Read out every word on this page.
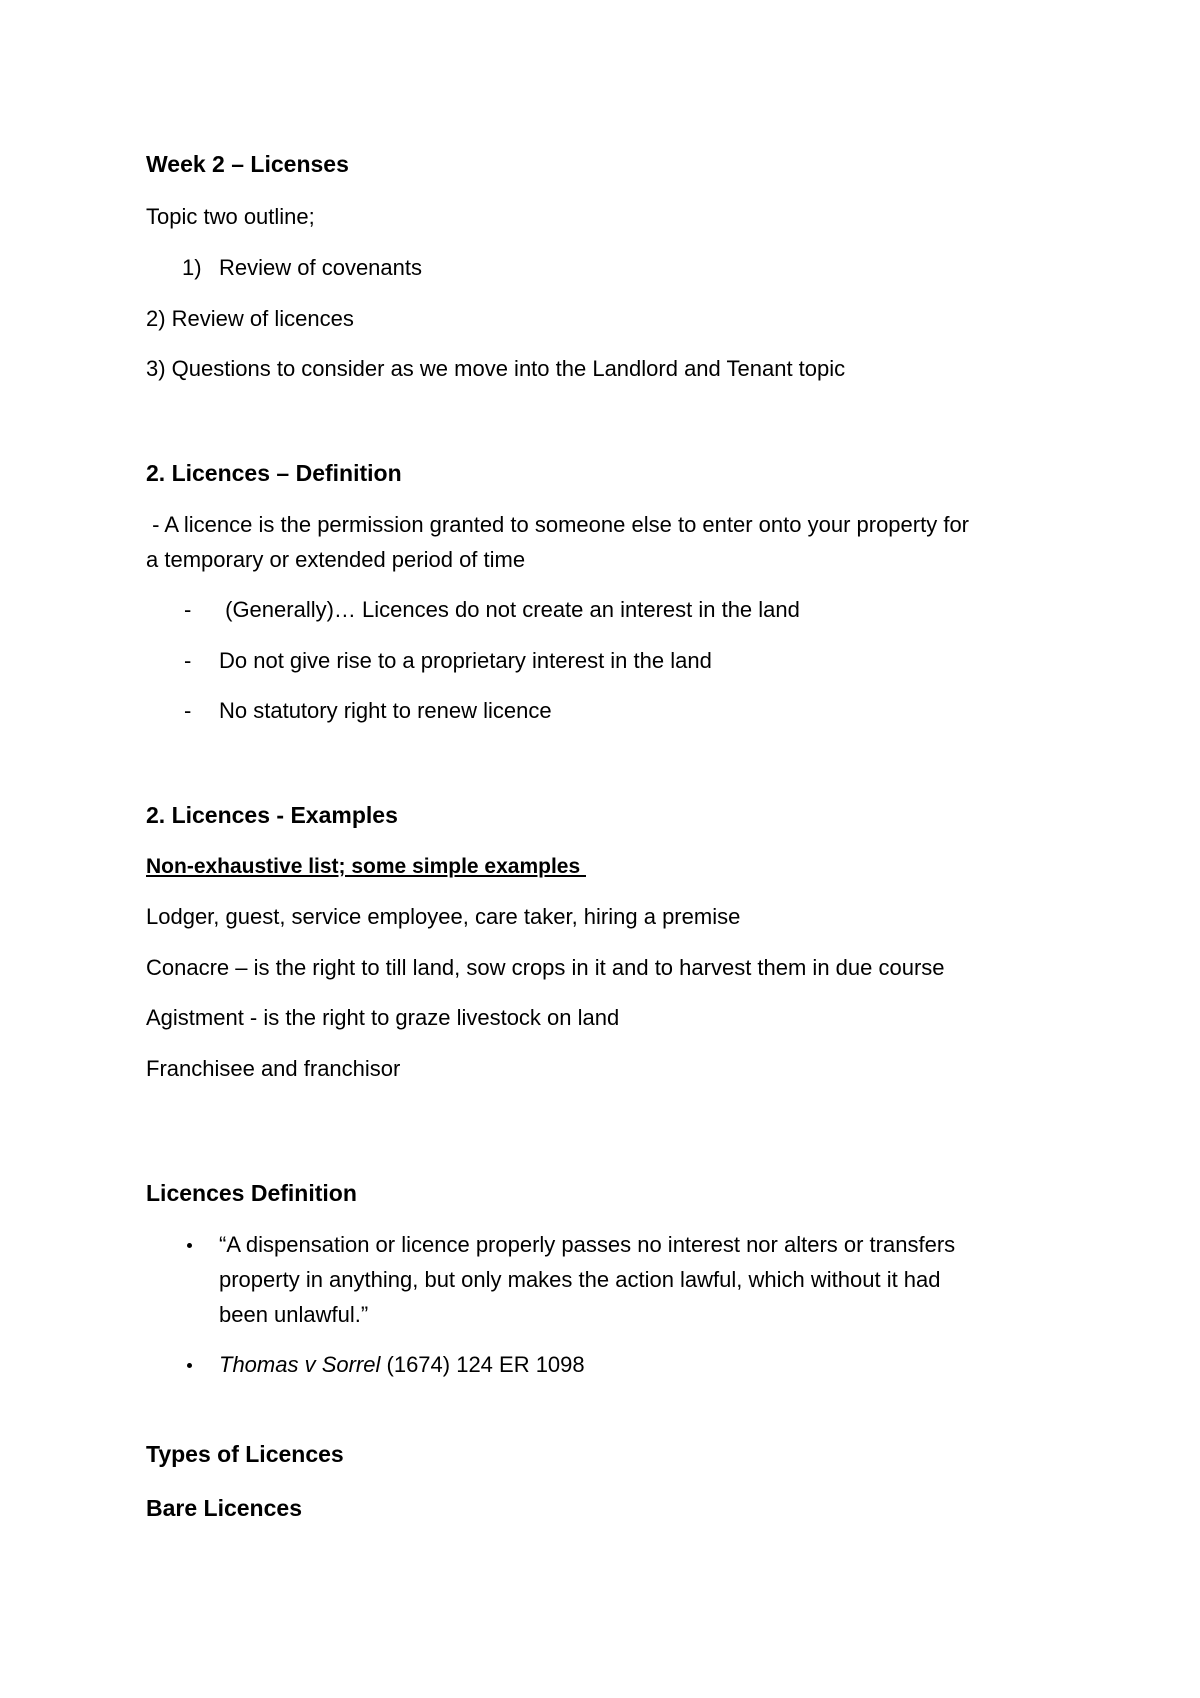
Week 2 – Licenses
Topic two outline;
1) Review of covenants
2) Review of licences
3) Questions to consider as we move into the Landlord and Tenant topic
2. Licences – Definition
- A licence is the permission granted to someone else to enter onto your property for
a temporary or extended period of time
- (Generally)… Licences do not create an interest in the land
- Do not give rise to a proprietary interest in the land
- No statutory right to renew licence
2. Licences - Examples
Non-exhaustive list; some simple examples
Lodger, guest, service employee, care taker, hiring a premise
Conacre – is the right to till land, sow crops in it and to harvest them in due course
Agistment - is the right to graze livestock on land
Franchisee and franchisor
Licences Definition
“A dispensation or licence properly passes no interest nor alters or transfers
property in anything, but only makes the action lawful, which without it had
been unlawful.”
Thomas v Sorrel (1674) 124 ER 1098
Types of Licences
Bare Licences
